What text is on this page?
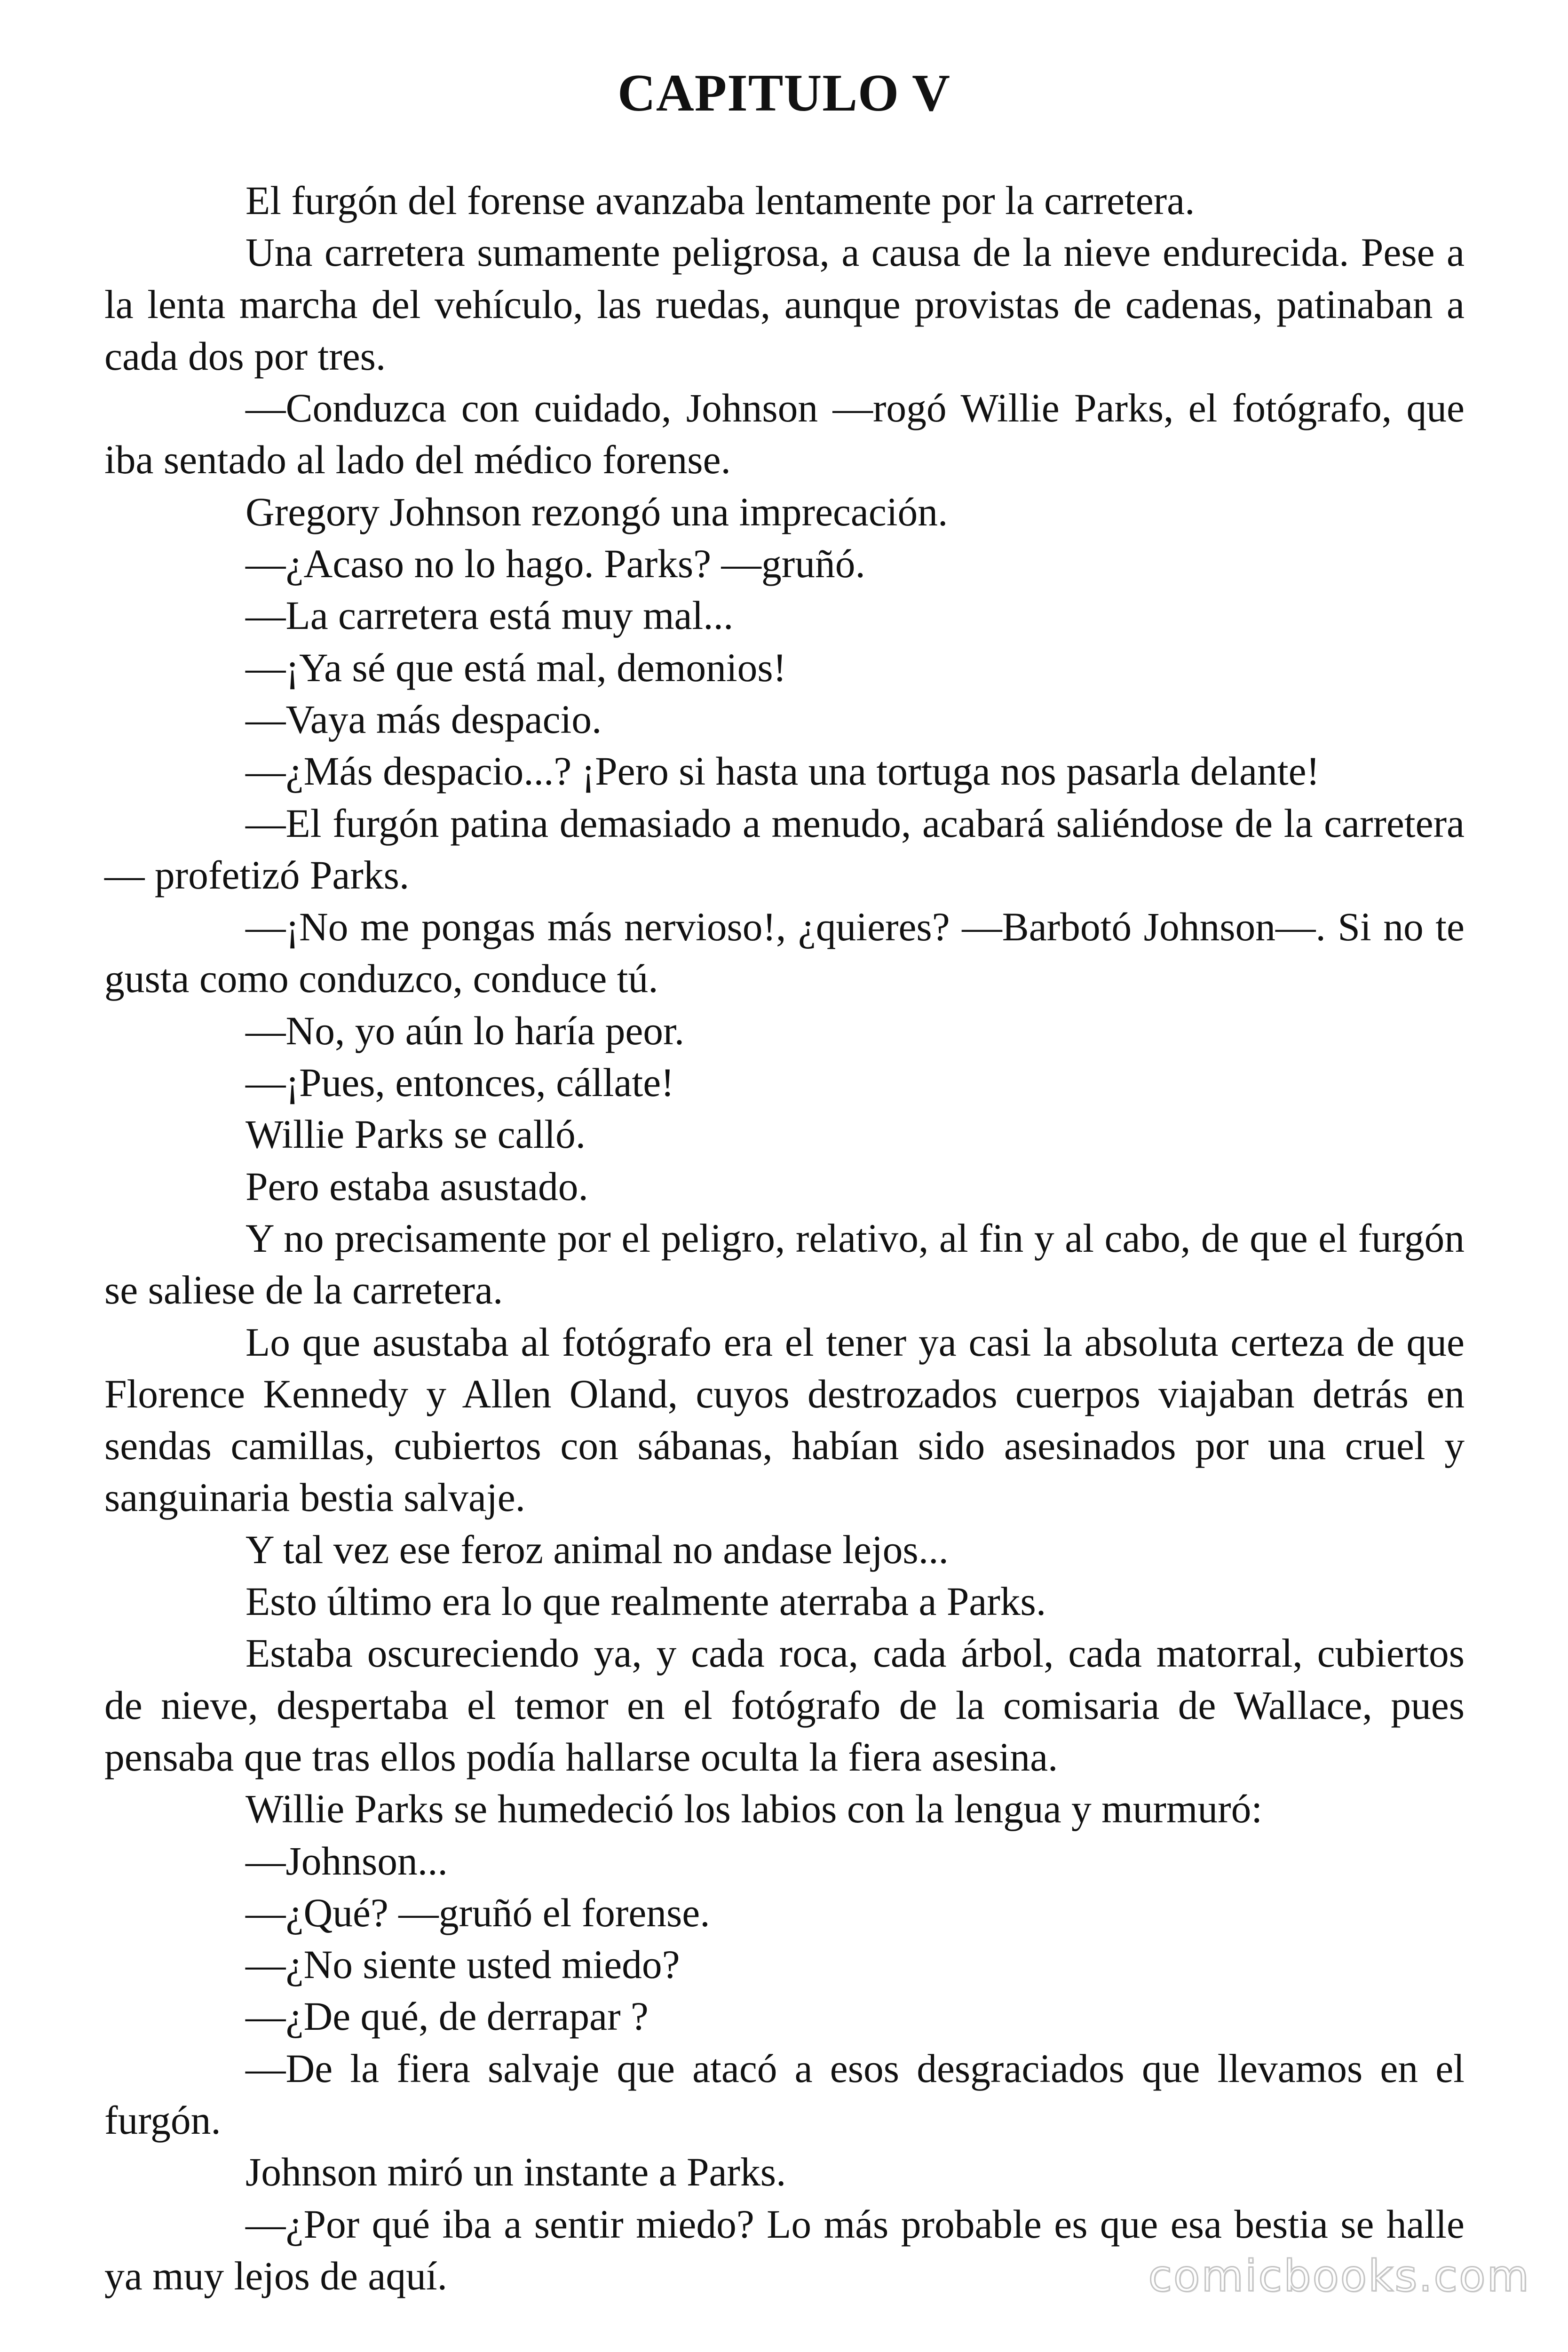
CAPITULO V

El furgón del forense avanzaba lentamente por la carretera.

Una carretera sumamente peligrosa, a causa de la nieve endurecida. Pese a la lenta marcha del vehículo, las ruedas, aunque provistas de cadenas, patinaban a cada dos por tres.

—Conduzca con cuidado, Johnson —rogó Willie Parks, el fotógrafo, que iba sentado al lado del médico forense.

Gregory Johnson rezongó una imprecación.

—¿Acaso no lo hago. Parks? —gruñó.

—La carretera está muy mal...

—¡Ya sé que está mal, demonios!

—Vaya más despacio.

—¿Más despacio...? ¡Pero si hasta una tortuga nos pasarla delante!

—El furgón patina demasiado a menudo, acabará saliéndose de la carretera — profetizó Parks.

—¡No me pongas más nervioso!, ¿quieres? —Barbotó Johnson—. Si no te gusta como conduzco, conduce tú.

—No, yo aún lo haría peor.

—¡Pues, entonces, cállate!

Willie Parks se calló.

Pero estaba asustado.

Y no precisamente por el peligro, relativo, al fin y al cabo, de que el furgón se saliese de la carretera.

Lo que asustaba al fotógrafo era el tener ya casi la absoluta certeza de que Florence Kennedy y Allen Oland, cuyos destrozados cuerpos viajaban detrás en sendas camillas, cubiertos con sábanas, habían sido asesinados por una cruel y sanguinaria bestia salvaje.

Y tal vez ese feroz animal no andase lejos...

Esto último era lo que realmente aterraba a Parks.

Estaba oscureciendo ya, y cada roca, cada árbol, cada matorral, cubiertos de nieve, despertaba el temor en el fotógrafo de la comisaria de Wallace, pues pensaba que tras ellos podía hallarse oculta la fiera asesina.

Willie Parks se humedeció los labios con la lengua y murmuró:

—Johnson...

—¿Qué? —gruñó el forense.

—¿No siente usted miedo?

—¿De qué, de derrapar ?

—De la fiera salvaje que atacó a esos desgraciados que llevamos en el furgón.

Johnson miró un instante a Parks.

—¿Por qué iba a sentir miedo? Lo más probable es que esa bestia se halle ya muy lejos de aquí.	comicbooks.com
